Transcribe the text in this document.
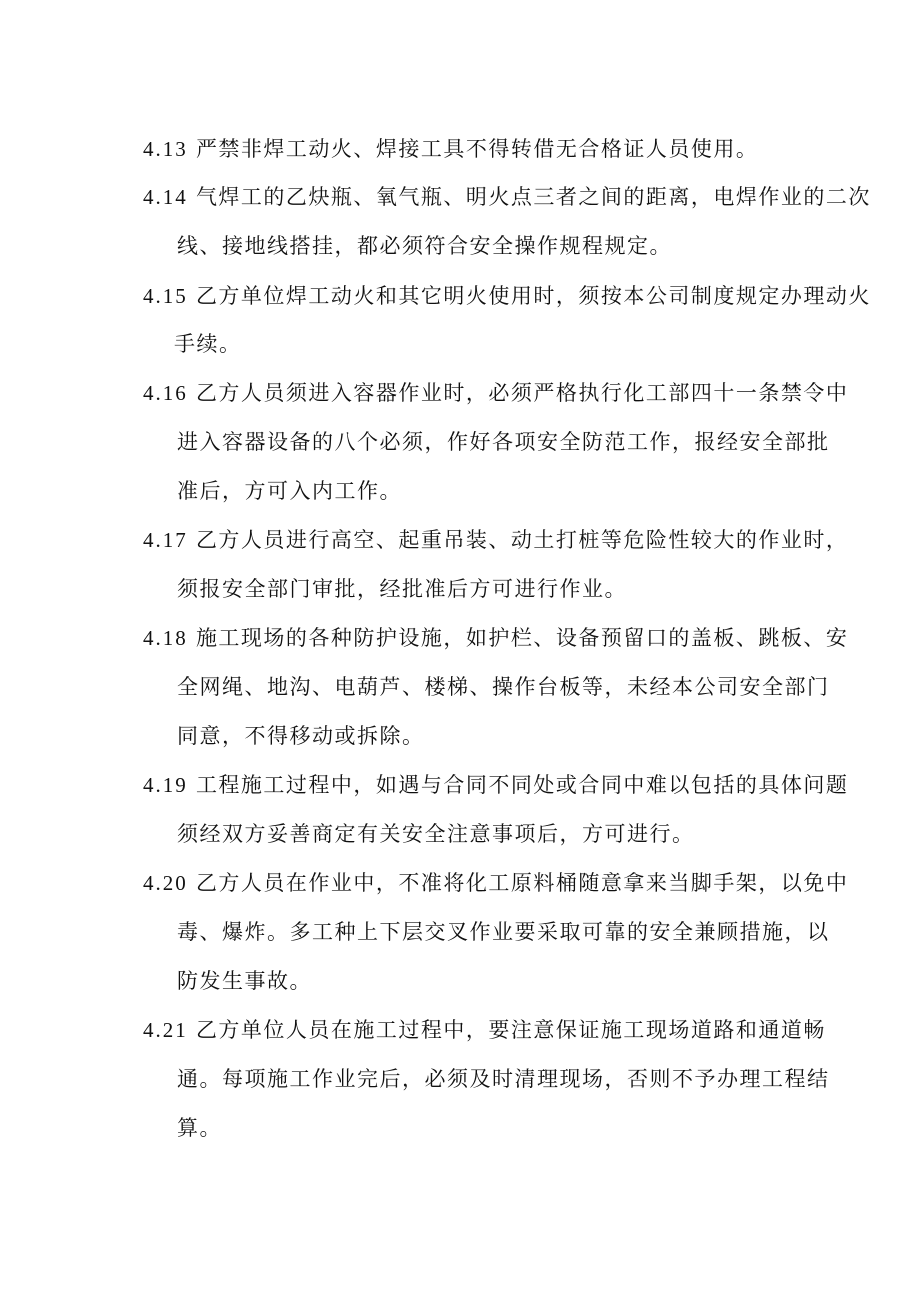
4.13 严禁非焊工动火、焊接工具不得转借无合格证人员使用。
4.14 气焊工的乙炔瓶、氧气瓶、明火点三者之间的距离，电焊作业的二次
线、接地线搭挂，都必须符合安全操作规程规定。
4.15 乙方单位焊工动火和其它明火使用时，须按本公司制度规定办理动火
手续。
4.16 乙方人员须进入容器作业时，必须严格执行化工部四十一条禁令中
进入容器设备的八个必须，作好各项安全防范工作，报经安全部批
准后，方可入内工作。
4.17 乙方人员进行高空、起重吊装、动土打桩等危险性较大的作业时，
须报安全部门审批，经批准后方可进行作业。
4.18 施工现场的各种防护设施，如护栏、设备预留口的盖板、跳板、安
全网绳、地沟、电葫芦、楼梯、操作台板等，未经本公司安全部门
同意，不得移动或拆除。
4.19 工程施工过程中，如遇与合同不同处或合同中难以包括的具体问题
须经双方妥善商定有关安全注意事项后，方可进行。
4.20 乙方人员在作业中，不准将化工原料桶随意拿来当脚手架，以免中
毒、爆炸。多工种上下层交叉作业要采取可靠的安全兼顾措施，以
防发生事故。
4.21 乙方单位人员在施工过程中，要注意保证施工现场道路和通道畅
通。每项施工作业完后，必须及时清理现场，否则不予办理工程结
算。
